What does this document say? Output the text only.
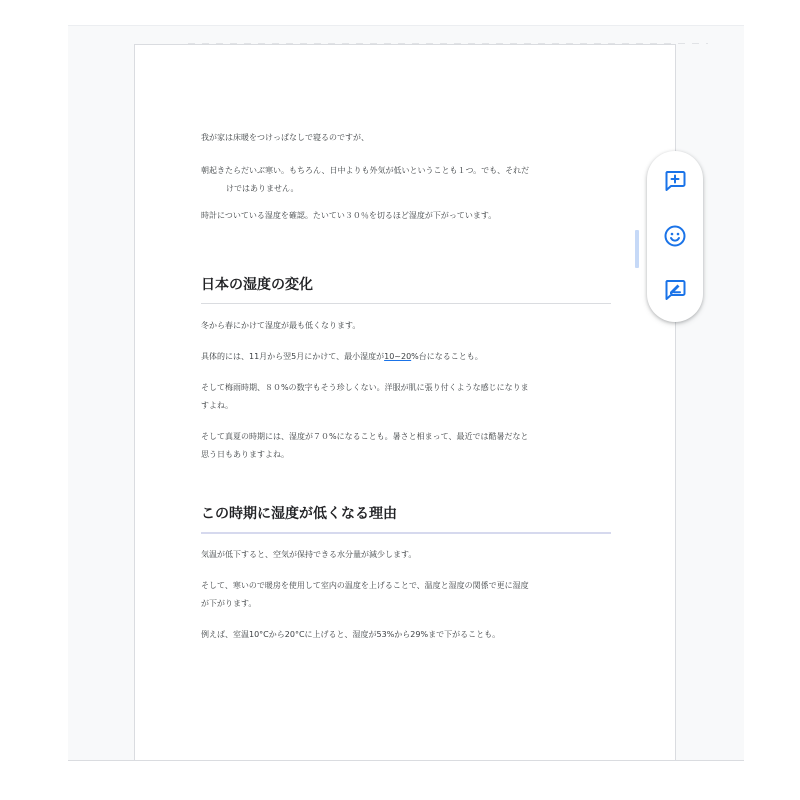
我が家は床暖をつけっぱなしで寝るのですが、

朝起きたらだいぶ寒い。もちろん、日中よりも外気が低いということも１つ。でも、それだ

けではありません。

時計についている湿度を確認。たいてい３０％を切るほど湿度が下がっています。

日本の湿度の変化

冬から春にかけて湿度が最も低くなります。

具体的には、11月から翌5月にかけて、最小湿度が10~20%台になることも。

そして梅雨時期、８０%の数字もそう珍しくない。洋服が肌に張り付くような感じになりま

すよね。

そして真夏の時期には、湿度が７０%になることも。暑さと相まって、最近では酷暑だなと

思う日もありますよね。

この時期に湿度が低くなる理由

気温が低下すると、空気が保持できる水分量が減少します。

そして、寒いので暖房を使用して室内の温度を上げることで、温度と湿度の関係で更に湿度

が下がります。

例えば、室温10°Cから20°Cに上げると、湿度が53%から29%まで下がることも。
